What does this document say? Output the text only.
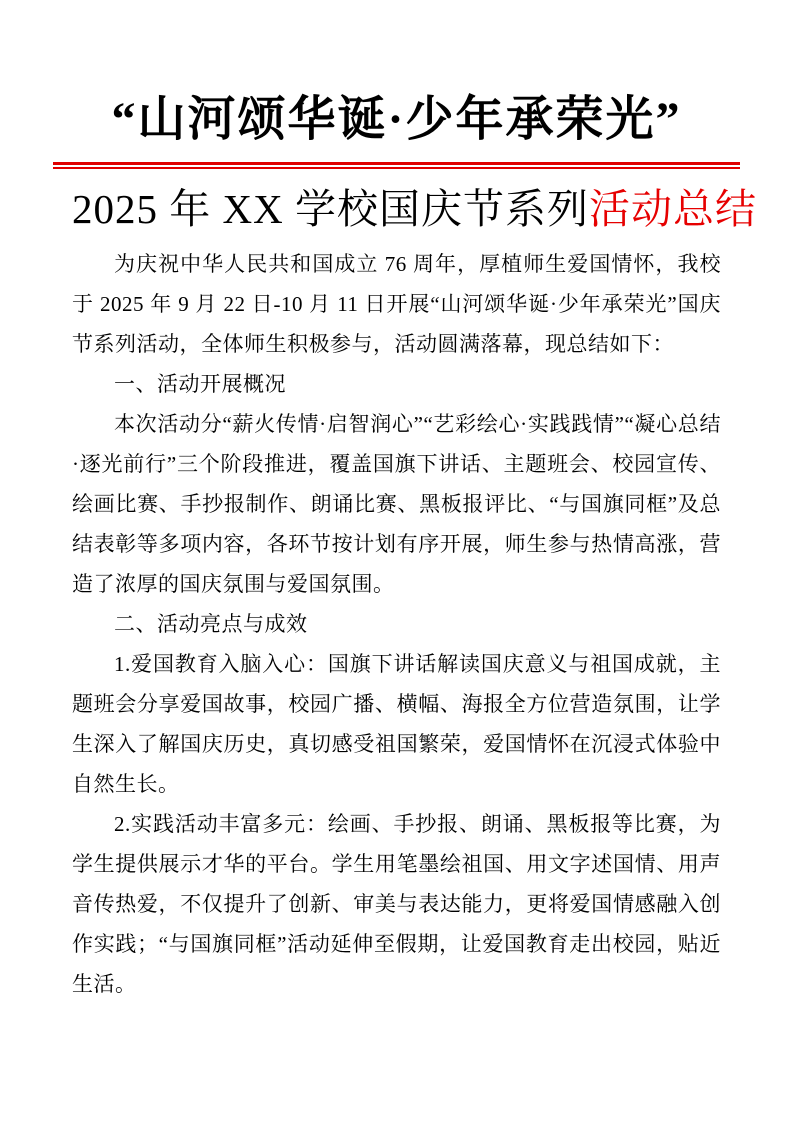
“山河颂华诞·少年承荣光”
2025 年 XX 学校国庆节系列活动总结

为庆祝中华人民共和国成立 76 周年，厚植师生爱国情怀，我校于 2025 年 9 月 22 日-10 月 11 日开展“山河颂华诞·少年承荣光”国庆节系列活动，全体师生积极参与，活动圆满落幕，现总结如下：

一、活动开展概况

本次活动分“薪火传情·启智润心”“艺彩绘心·实践践情”“凝心总结·逐光前行”三个阶段推进，覆盖国旗下讲话、主题班会、校园宣传、绘画比赛、手抄报制作、朗诵比赛、黑板报评比、“与国旗同框”及总结表彰等多项内容，各环节按计划有序开展，师生参与热情高涨，营造了浓厚的国庆氛围与爱国氛围。

二、活动亮点与成效

1.爱国教育入脑入心：国旗下讲话解读国庆意义与祖国成就，主题班会分享爱国故事，校园广播、横幅、海报全方位营造氛围，让学生深入了解国庆历史，真切感受祖国繁荣，爱国情怀在沉浸式体验中自然生长。

2.实践活动丰富多元：绘画、手抄报、朗诵、黑板报等比赛，为学生提供展示才华的平台。学生用笔墨绘祖国、用文字述国情、用声音传热爱，不仅提升了创新、审美与表达能力，更将爱国情感融入创作实践；“与国旗同框”活动延伸至假期，让爱国教育走出校园，贴近生活。
